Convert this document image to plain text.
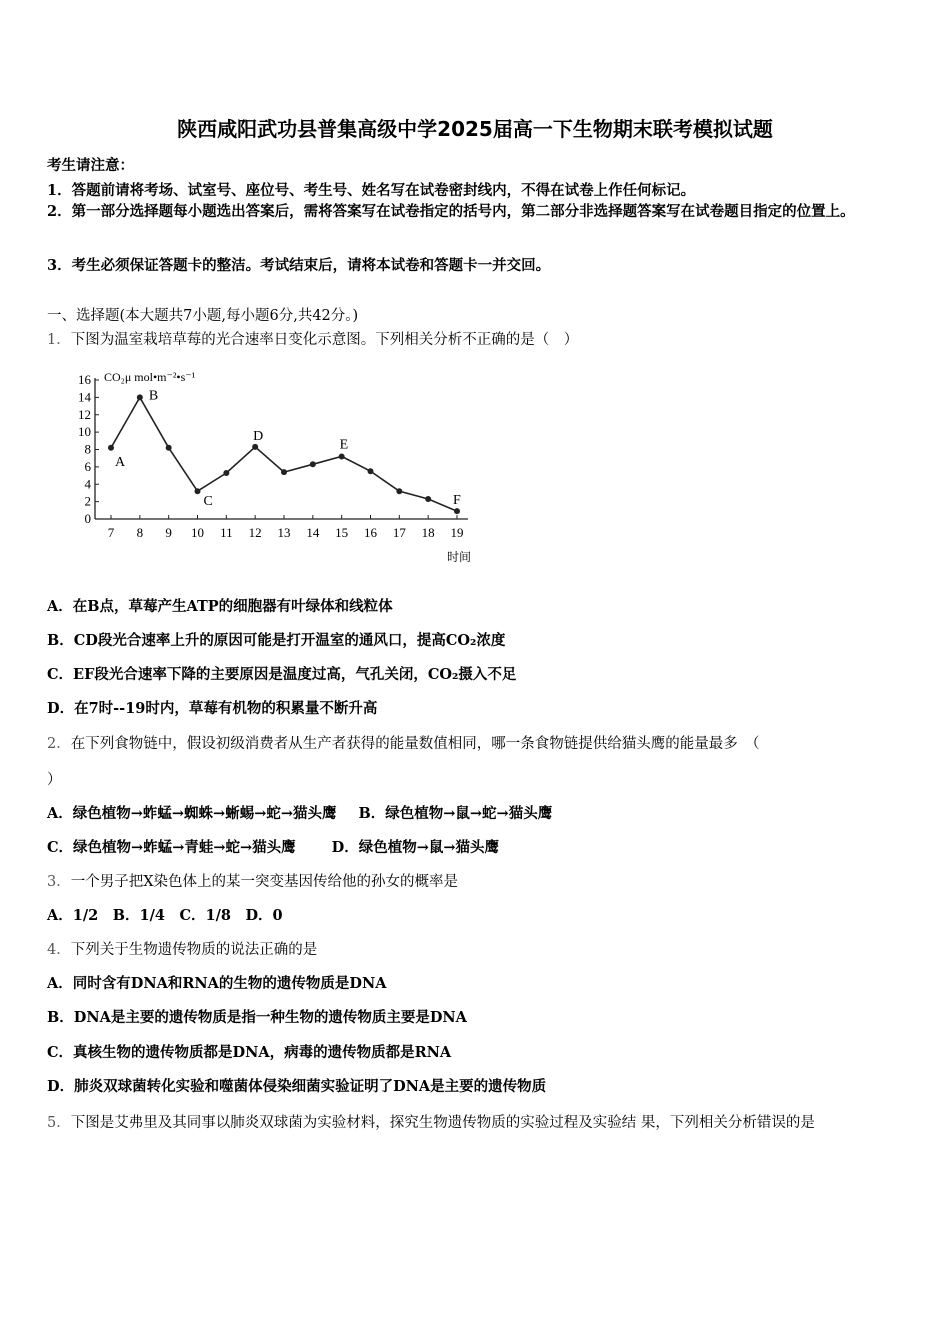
陕西咸阳武功县普集高级中学2025届高一下生物期末联考模拟试题
考生请注意：
1．答题前请将考场、试室号、座位号、考生号、姓名写在试卷密封线内，不得在试卷上作任何标记。
2．第一部分选择题每小题选出答案后，需将答案写在试卷指定的括号内，第二部分非选择题答案写在试卷题目指定的位置上。
3．考生必须保证答题卡的整洁。考试结束后，请将本试卷和答题卡一并交回。
一、选择题(本大题共7小题,每小题6分,共42分。)
1．下图为温室栽培草莓的光合速率日变化示意图。下列相关分析不正确的是（　）
0
2
4
6
8
10
12
14
16
7 8 9 10 11 12 13 14 15 16 17 18 19
A
B
C
D
E
F
CO₂μ mol•m⁻²•s⁻¹
时间
A．在B点，草莓产生ATP的细胞器有叶绿体和线粒体
B．CD段光合速率上升的原因可能是打开温室的通风口，提高CO₂浓度
C．EF段光合速率下降的主要原因是温度过高，气孔关闭，CO₂摄入不足
D．在7时--19时内，草莓有机物的积累量不断升高
2．在下列食物链中，假设初级消费者从生产者获得的能量数值相同，哪一条食物链提供给猫头鹰的能量最多　（
）
A．绿色植物→蚱蜢→蜘蛛→蜥蜴→蛇→猫头鹰 B．绿色植物→鼠→蛇→猫头鹰
C．绿色植物→蚱蜢→青蛙→蛇→猫头鹰 D．绿色植物→鼠→猫头鹰
3．一个男子把X染色体上的某一突变基因传给他的孙女的概率是
A．1/2　B．1/4　C．1/8　D．0
4．下列关于生物遗传物质的说法正确的是
A．同时含有DNA和RNA的生物的遗传物质是DNA
B．DNA是主要的遗传物质是指一种生物的遗传物质主要是DNA
C．真核生物的遗传物质都是DNA，病毒的遗传物质都是RNA
D．肺炎双球菌转化实验和噬菌体侵染细菌实验证明了DNA是主要的遗传物质
5．下图是艾弗里及其同事以肺炎双球菌为实验材料，探究生物遗传物质的实验过程及实验结 果，下列相关分析错误的是
